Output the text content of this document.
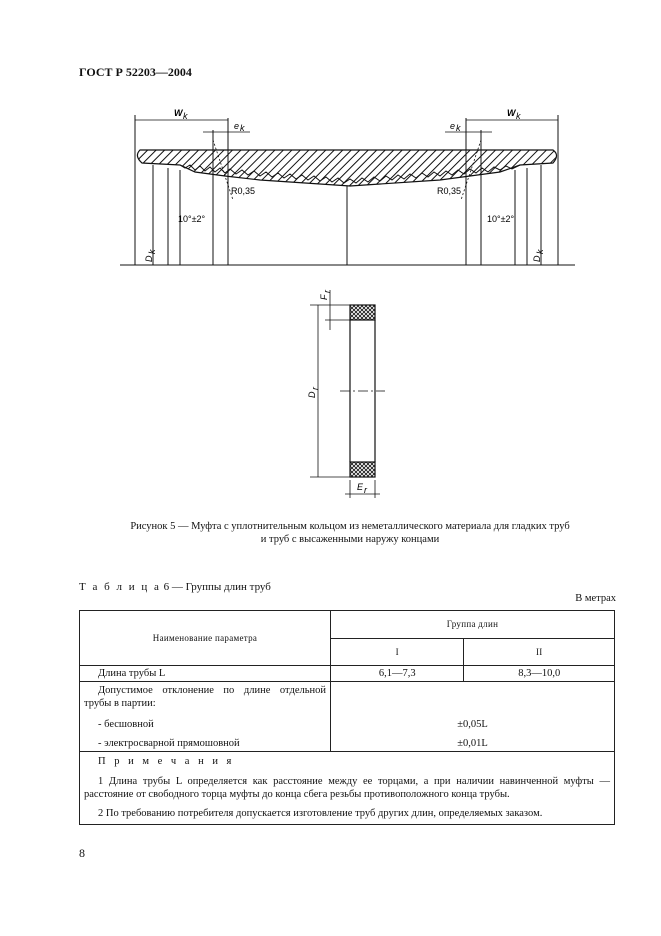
ГОСТ Р 52203—2004
W k	W k
e k	e k
R0,35	R0,35
10°±2°	10°±2°
D
k
D
k
F
r
D
r
E r
Рисунок 5 — Муфта с уплотнительным кольцом из неметаллического материала для гладких труб
и труб с высаженными наружу концами
Т а б л и ц а 6 — Группы длин труб
В метрах
Наименование параметра	Группа длин	
	I	II
Длина трубы L	6,1—7,3	8,3—10,0
Допустимое отклонение по длине отдельной трубы в партии:		
- бесшовной	±0,05L	
- электросварной прямошовной	±0,01L	

П р и м е ч а н и я
1 Длина трубы L определяется как расстояние между ее торцами, а при наличии навинченной муфты — расстояние от свободного торца муфты до конца сбега резьбы противоположного конца трубы.
2 По требованию потребителя допускается изготовление труб других длин, определяемых заказом.		
8
